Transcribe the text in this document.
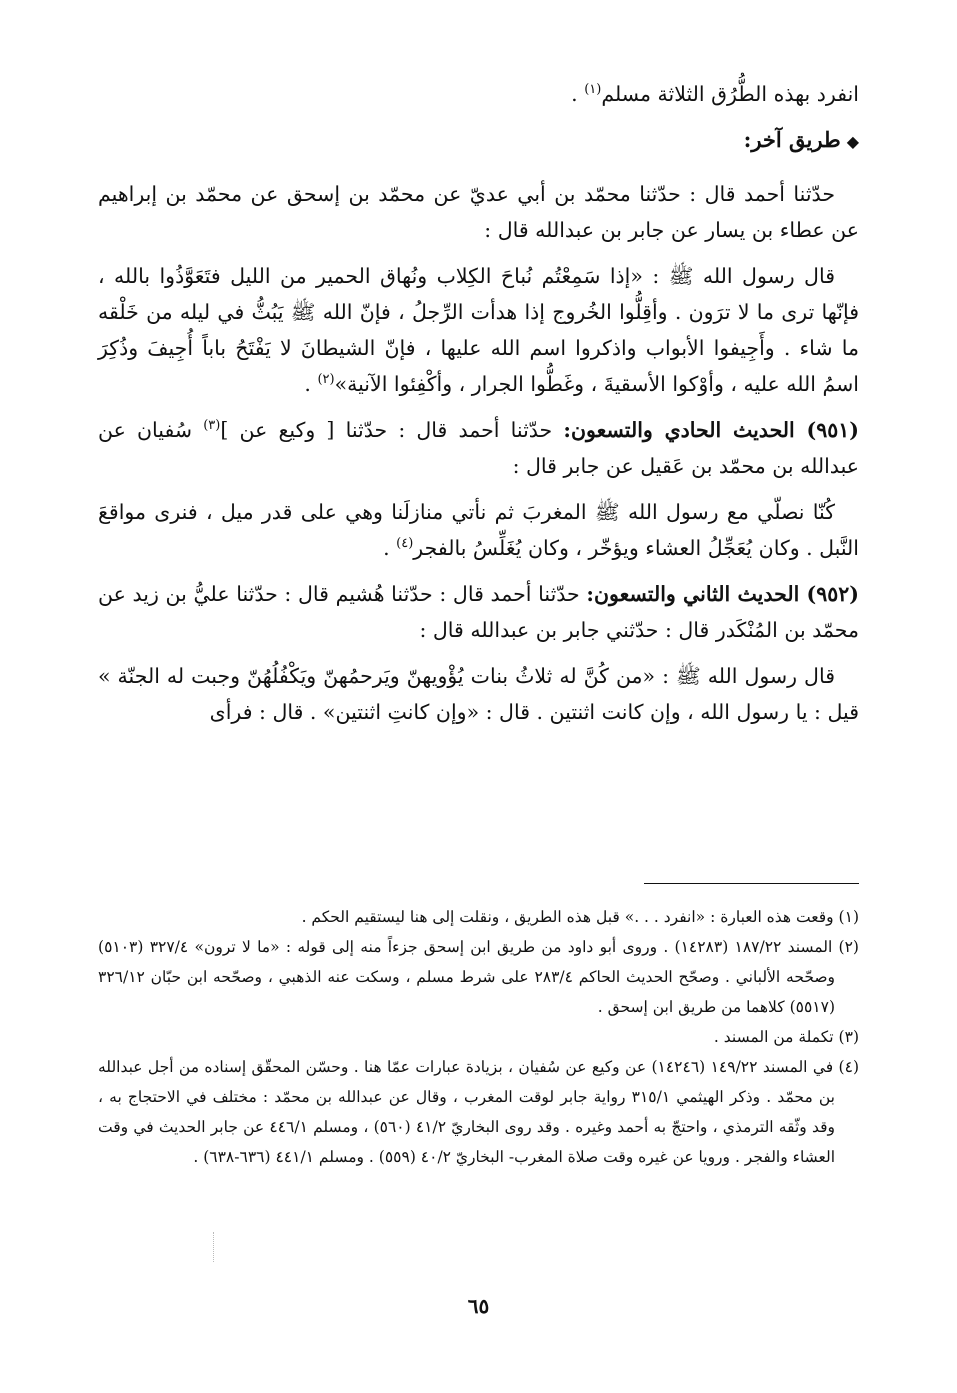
انفرد بهذه الطُّرُق الثلاثة مسلم$^{(١)}$ .

◆طريق آخر:

حدّثنا أحمد قال : حدّثنا محمّد بن أبي عديّ عن محمّد بن إسحق عن محمّد بن إبراهيم عن عطاء بن يسار عن جابر بن عبدالله قال :

قال رسول الله ﷺ : «إذا سَمِعْتُم نُباحَ الكِلاب ونُهاق الحمير من الليل فتَعَوَّذُوا بالله ، فإنّها ترى ما لا ترَون . وأقِلُّوا الخُروج إذا هدأت الرِّجلُ ، فإنّ الله ﷺ يَبُثُّ في ليله من خَلْقه ما شاء . وأَجِيفوا الأبواب واذكروا اسم الله عليها ، فإنّ الشيطانَ لا يَفْتَحُ باباً أُجِيفَ وذُكِرَ اسمُ الله عليه ، وأوْكوا الأسقيةَ ، وغَطُّوا الجرار ، وأكْفِئوا الآنية»$^{(٢)}$ .

(٩٥١) الحديث الحادي والتسعون: حدّثنا أحمد قال : حدّثنا [ وكيع عن ]$^{(٣)}$ سُفيان عن عبدالله بن محمّد بن عَقيل عن جابر قال :

كُنّا نصلّي مع رسول الله ﷺ المغربَ ثم نأتي منازلَنا وهي على قدر ميل ، فنرى مواقعَ النَّبل . وكان يُعَجِّلُ العشاء ويؤخّر ، وكان يُغَلِّسُ بالفجر$^{(٤)}$ .

(٩٥٢) الحديث الثاني والتسعون: حدّثنا أحمد قال : حدّثنا هُشيم قال : حدّثنا عليُّ بن زيد عن محمّد بن المُنْكَدر قال : حدّثني جابر بن عبدالله قال :

قال رسول الله ﷺ : «من كُنَّ له ثلاثُ بنات يُؤْويهنّ ويَرحمُهنّ ويَكْفُلُهُنّ وجبت له الجنّة » قيل : يا رسول الله ، وإن كانت اثنتين . قال : «وإن كانتِ اثنتين» . قال : فرأى

(١) وقعت هذه العبارة : «انفرد . . .» قبل هذه الطريق ، ونقلت إلى هنا ليستقيم الحكم .

(٢) المسند ١٨٧/٢٢ (١٤٢٨٣) . وروى أبو داود من طريق ابن إسحق جزءاً منه إلى قوله : «ما لا ترون» ٣٢٧/٤ (٥١٠٣) وصحّحه الألباني . وصحّح الحديث الحاكم ٢٨٣/٤ على شرط مسلم ، وسكت عنه الذهبي ، وصحّحه ابن حبّان ٣٢٦/١٢ (٥٥١٧) كلاهما من طريق ابن إسحق .

(٣) تكملة من المسند .

(٤) في المسند ١٤٩/٢٢ (١٤٢٤٦) عن وكيع عن سُفيان ، بزيادة عبارات عمّا هنا . وحسّن المحقّق إسناده من أجل عبدالله بن محمّد . وذكر الهيثمي ٣١٥/١ رواية جابر لوقت المغرب ، وقال عن عبدالله بن محمّد : مختلف في الاحتجاج به ، وقد وثّقه الترمذي ، واحتجّ به أحمد وغيره . وقد روى البخاريّ ٤١/٢ (٥٦٠) ، ومسلم ٤٤٦/١ عن جابر الحديث في وقت العشاء والفجر . ورويا عن غيره وقت صلاة المغرب- البخاريّ ٤٠/٢ (٥٥٩) . ومسلم ٤٤١/١ (٦٣٦-٦٣٨) .

٦٥
